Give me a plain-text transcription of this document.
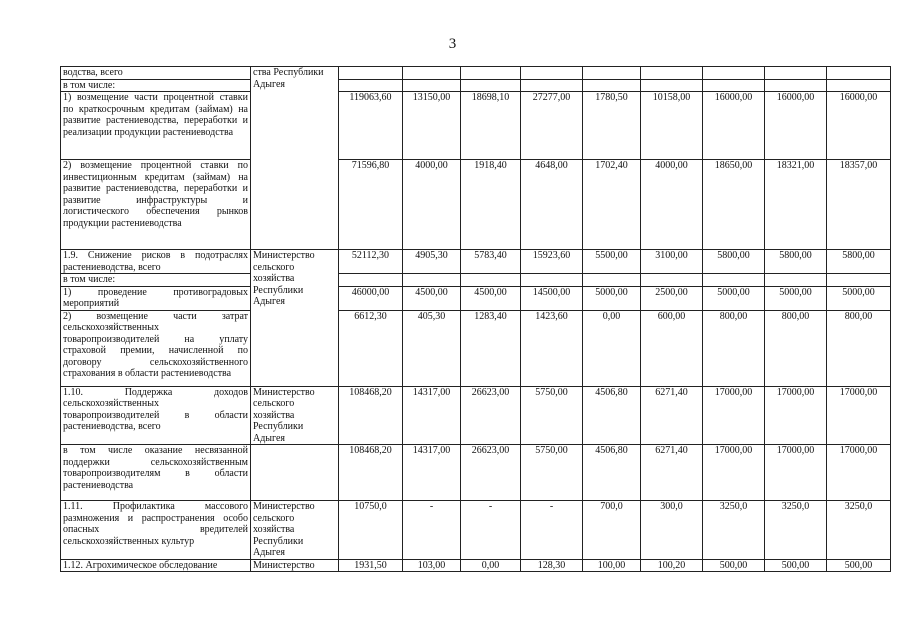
3
водства, всего	ства Республики Адыгея									
в том числе:										
1) возмещение части процентной ставки по краткосрочным кредитам (займам) на развитие растениеводства, переработки и реализации продукции растениеводства		119063,60	13150,00	18698,10	27277,00	1780,50	10158,00	16000,00	16000,00	16000,00
2) возмещение процентной ставки по инвестиционным кредитам (займам) на развитие растениеводства, переработки и развитие инфраструктуры и логистического обеспечения рынков продукции растениеводства		71596,80	4000,00	1918,40	4648,00	1702,40	4000,00	18650,00	18321,00	18357,00
1.9. Снижение рисков в подотраслях растениеводства, всего	Министерство сельского хозяйства Республики Адыгея	52112,30	4905,30	5783,40	15923,60	5500,00	3100,00	5800,00	5800,00	5800,00
в том числе:										
1) проведение противоградовых мероприятий		46000,00	4500,00	4500,00	14500,00	5000,00	2500,00	5000,00	5000,00	5000,00
2) возмещение части затрат сельскохозяйственных товаропроизводителей на уплату страховой премии, начисленной по договору сельскохозяйственного страхования в области растениеводства		6612,30	405,30	1283,40	1423,60	0,00	600,00	800,00	800,00	800,00
1.10. Поддержка доходов сельскохозяйственных товаропроизводителей в области растениеводства, всего	Министерство сельского хозяйства Республики Адыгея	108468,20	14317,00	26623,00	5750,00	4506,80	6271,40	17000,00	17000,00	17000,00
в том числе оказание несвязанной поддержки сельскохозяйственным товаропроизводителям в области растениеводства		108468,20	14317,00	26623,00	5750,00	4506,80	6271,40	17000,00	17000,00	17000,00
1.11. Профилактика массового размножения и распространения особо опасных вредителей сельскохозяйственных культур	Министерство сельского хозяйства Республики Адыгея	10750,0	-	-	-	700,0	300,0	3250,0	3250,0	3250,0
1.12. Агрохимическое обследование	Министерство	1931,50	103,00	0,00	128,30	100,00	100,20	500,00	500,00	500,00
